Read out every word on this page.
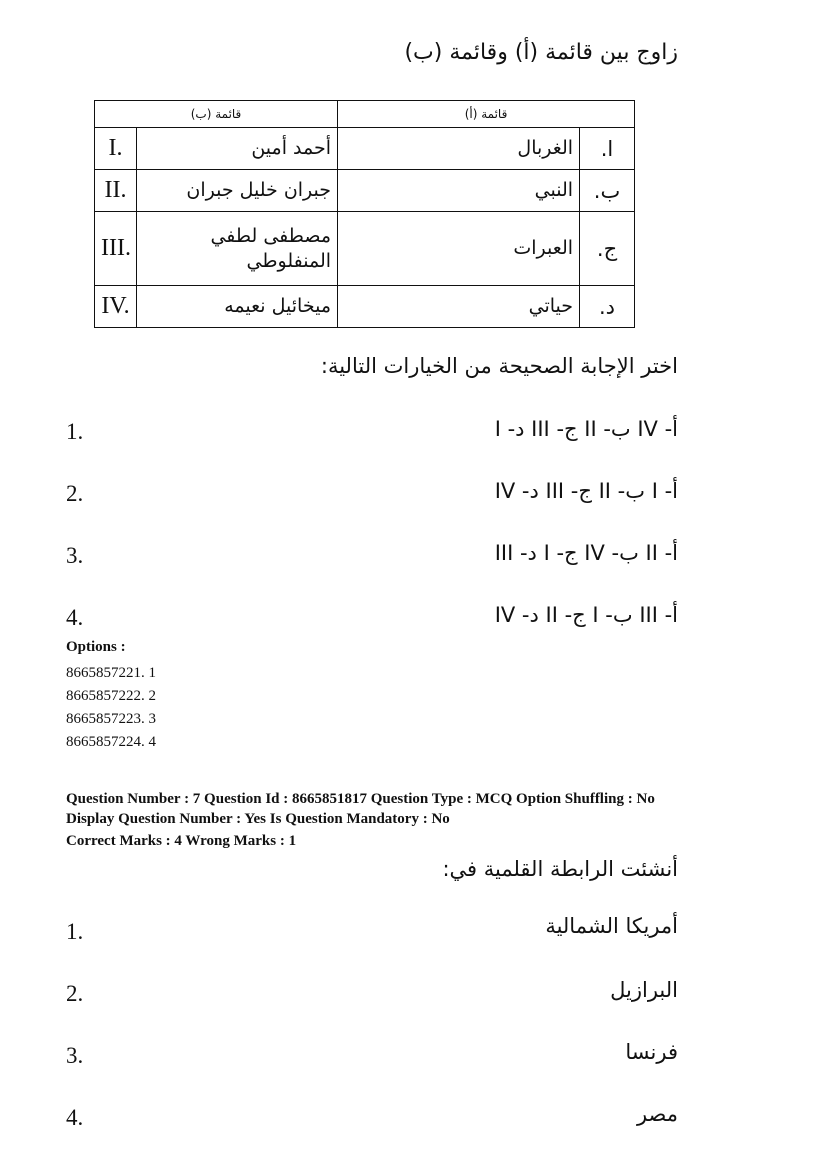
زاوج بين قائمة (أ) وقائمة (ب)
قائمة (ب)		قائمة (أ)	
I.	أحمد أمين	الغربال	ا.
II.	جبران خليل جبران	النبي	ب.
III.	مصطفى لطفي المنفلوطي	العبرات	ج.
IV.	ميخائيل نعيمه	حياتي	د.
اختر الإجابة الصحيحة من الخيارات التالية:
1.	أ- IV ب- II ج- III د- I
2.	أ- I ب- II ج- III د- IV
3.	أ- II ب- IV ج- I د- III
4.	أ- III ب- I ج- II د- IV
Options :
8665857221. 1
8665857222. 2
8665857223. 3
8665857224. 4
Question Number : 7 Question Id : 8665851817 Question Type : MCQ Option Shuffling : No
Display Question Number : Yes Is Question Mandatory : No
Correct Marks : 4 Wrong Marks : 1
أنشئت الرابطة القلمية في:
1.	أمريكا الشمالية
2.	البرازيل
3.	فرنسا
4.	مصر
